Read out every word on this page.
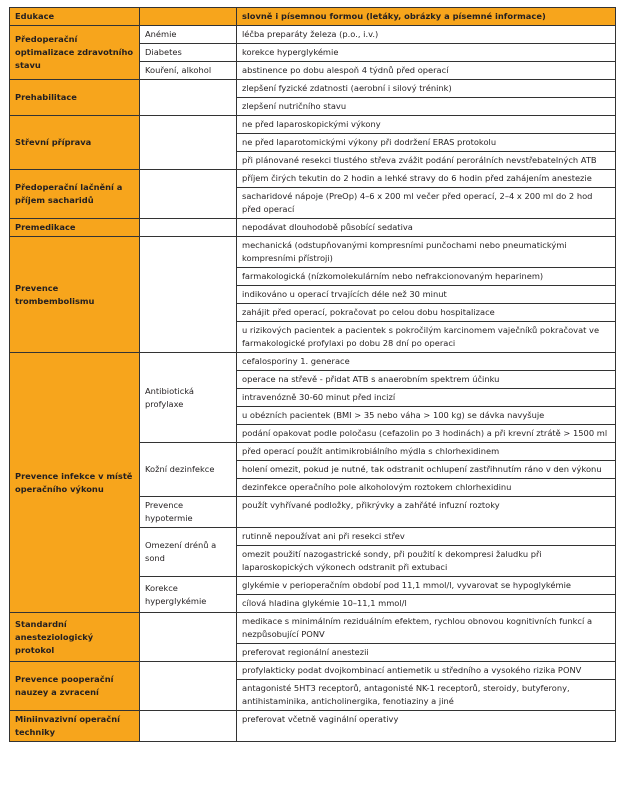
Edukace		slovně i písemnou formou (letáky, obrázky a písemné informace)
Předoperační optimalizace zdravotního stavu	Anémie	léčba preparáty železa (p.o., i.v.)
	Diabetes	korekce hyperglykémie
	Kouření, alkohol	abstinence po dobu alespoň 4 týdnů před operací
Prehabilitace		zlepšení fyzické zdatnosti (aerobní i silový trénink)
		zlepšení nutričního stavu
Střevní příprava		ne před laparoskopickými výkony
		ne před laparotomickými výkony při dodržení ERAS protokolu
		při plánované resekci tlustého střeva zvážit podání perorálních nevstřebatelných ATB
Předoperační lačnění a příjem sacharidů		příjem čirých tekutin do 2 hodin a lehké stravy do 6 hodin před zahájením anestezie
		sacharidové nápoje (PreOp) 4–6 x 200 ml večer před operací, 2–4 x 200 ml do 2 hod před operací
Premedikace		nepodávat dlouhodobě působící sedativa
Prevence trombembolismu		mechanická (odstupňovanými kompresními punčochami nebo pneumatickými kompresními přístroji)
		farmakologická (nízkomolekulárním nebo nefrakcionovaným heparinem)
		indikováno u operací trvajících déle než 30 minut
		zahájit před operací, pokračovat po celou dobu hospitalizace
		u rizikových pacientek a pacientek s pokročilým karcinomem vaječníků pokračovat ve farmakologické profylaxi po dobu 28 dní po operaci
Prevence infekce v místě operačního výkonu	Antibiotická profylaxe	cefalosporiny 1. generace
		operace na střevě - přidat ATB s anaerobním spektrem účinku
		intravenózně 30-60 minut před incizí
		u obézních pacientek (BMI > 35 nebo váha > 100 kg) se dávka navyšuje
		podání opakovat podle poločasu (cefazolin po 3 hodinách) a při krevní ztrátě > 1500 ml
	Kožní dezinfekce	před operací použít antimikrobiálního mýdla s chlorhexidinem
		holení omezit, pokud je nutné, tak odstranit ochlupení zastřihnutím ráno v den výkonu
		dezinfekce operačního pole alkoholovým roztokem chlorhexidinu
	Prevence hypotermie	použít vyhřívané podložky, přikrývky a zahřáté infuzní roztoky
	Omezení drénů a sond	rutinně nepoužívat ani při resekci střev
		omezit použití nazogastrické sondy, při použití k dekompresi žaludku při laparoskopických výkonech odstranit při extubaci
	Korekce hyperglykémie	glykémie v perioperačním období pod 11,1 mmol/l, vyvarovat se hypoglykémie
		cílová hladina glykémie 10–11,1 mmol/l
Standardní anesteziologický protokol		medikace s minimálním reziduálním efektem, rychlou obnovou kognitivních funkcí a nezpůsobující PONV
		preferovat regionální anestezii
Prevence pooperační nauzey a zvracení		profylakticky podat dvojkombinací antiemetik u středního a vysokého rizika PONV
		antagonisté 5HT3 receptorů, antagonisté NK-1 receptorů, steroidy, butyferony, antihistaminika, anticholinergika, fenotiaziny a jiné
Miniinvazivní operační techniky		preferovat včetně vaginální operativy
